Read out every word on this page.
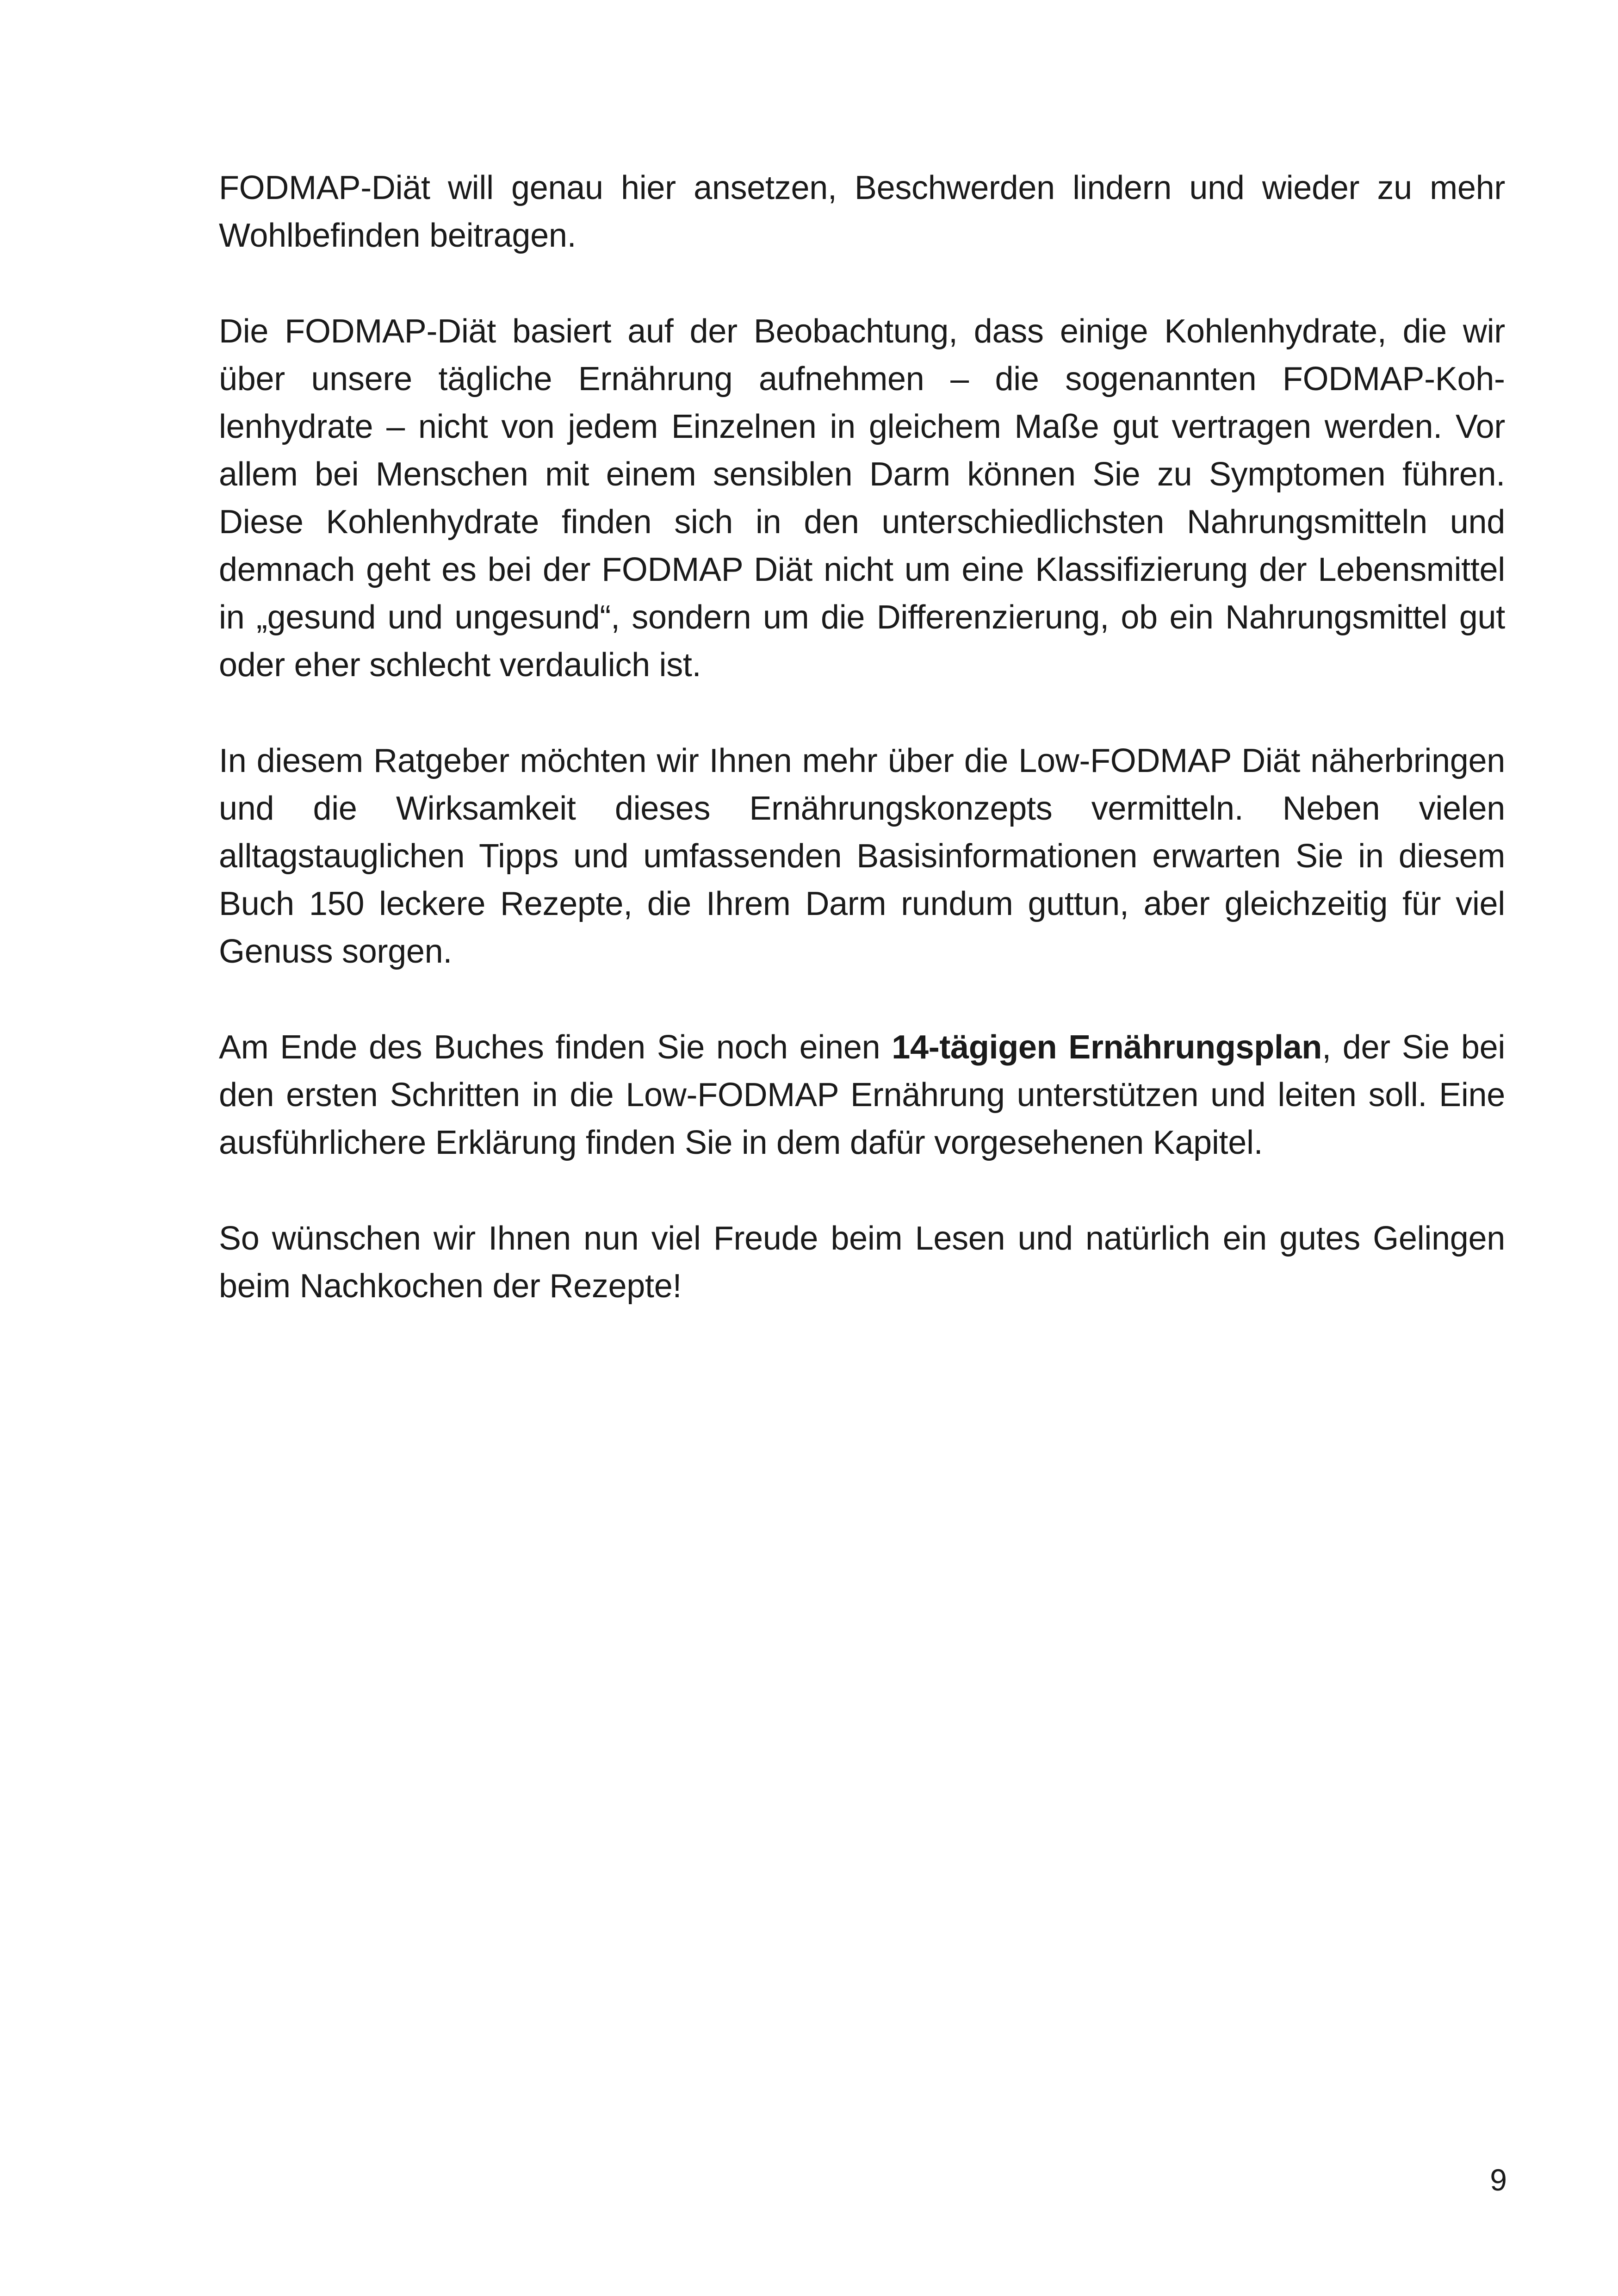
FODMAP-Diät will genau hier ansetzen, Beschwerden lindern und wieder zu mehr Wohlbefinden beitragen.

Die FODMAP-Diät basiert auf der Beobachtung, dass einige Kohlenhydrate, die wir über unsere tägliche Ernährung aufnehmen – die sogenannten FODMAP-Kohlenhydrate – nicht von jedem Einzelnen in gleichem Maße gut vertragen werden. Vor allem bei Menschen mit einem sensiblen Darm können Sie zu Symptomen führen. Diese Kohlenhydrate finden sich in den unterschiedlichsten Nahrungsmitteln und demnach geht es bei der FODMAP Diät nicht um eine Klassifizierung der Lebensmittel in „gesund und ungesund“, sondern um die Differenzierung, ob ein Nahrungsmittel gut oder eher schlecht verdaulich ist.

In diesem Ratgeber möchten wir Ihnen mehr über die Low-FODMAP Diät näherbringen und die Wirksamkeit dieses Ernährungskonzepts vermitteln. Neben vielen alltagstauglichen Tipps und umfassenden Basisinformationen erwarten Sie in diesem Buch 150 leckere Rezepte, die Ihrem Darm rundum guttun, aber gleichzeitig für viel Genuss sorgen.

Am Ende des Buches finden Sie noch einen 14-tägigen Ernährungsplan, der Sie bei den ersten Schritten in die Low-FODMAP Ernährung unterstützen und leiten soll. Eine ausführlichere Erklärung finden Sie in dem dafür vorgesehenen Kapitel.

So wünschen wir Ihnen nun viel Freude beim Lesen und natürlich ein gutes Gelingen beim Nachkochen der Rezepte!

9
